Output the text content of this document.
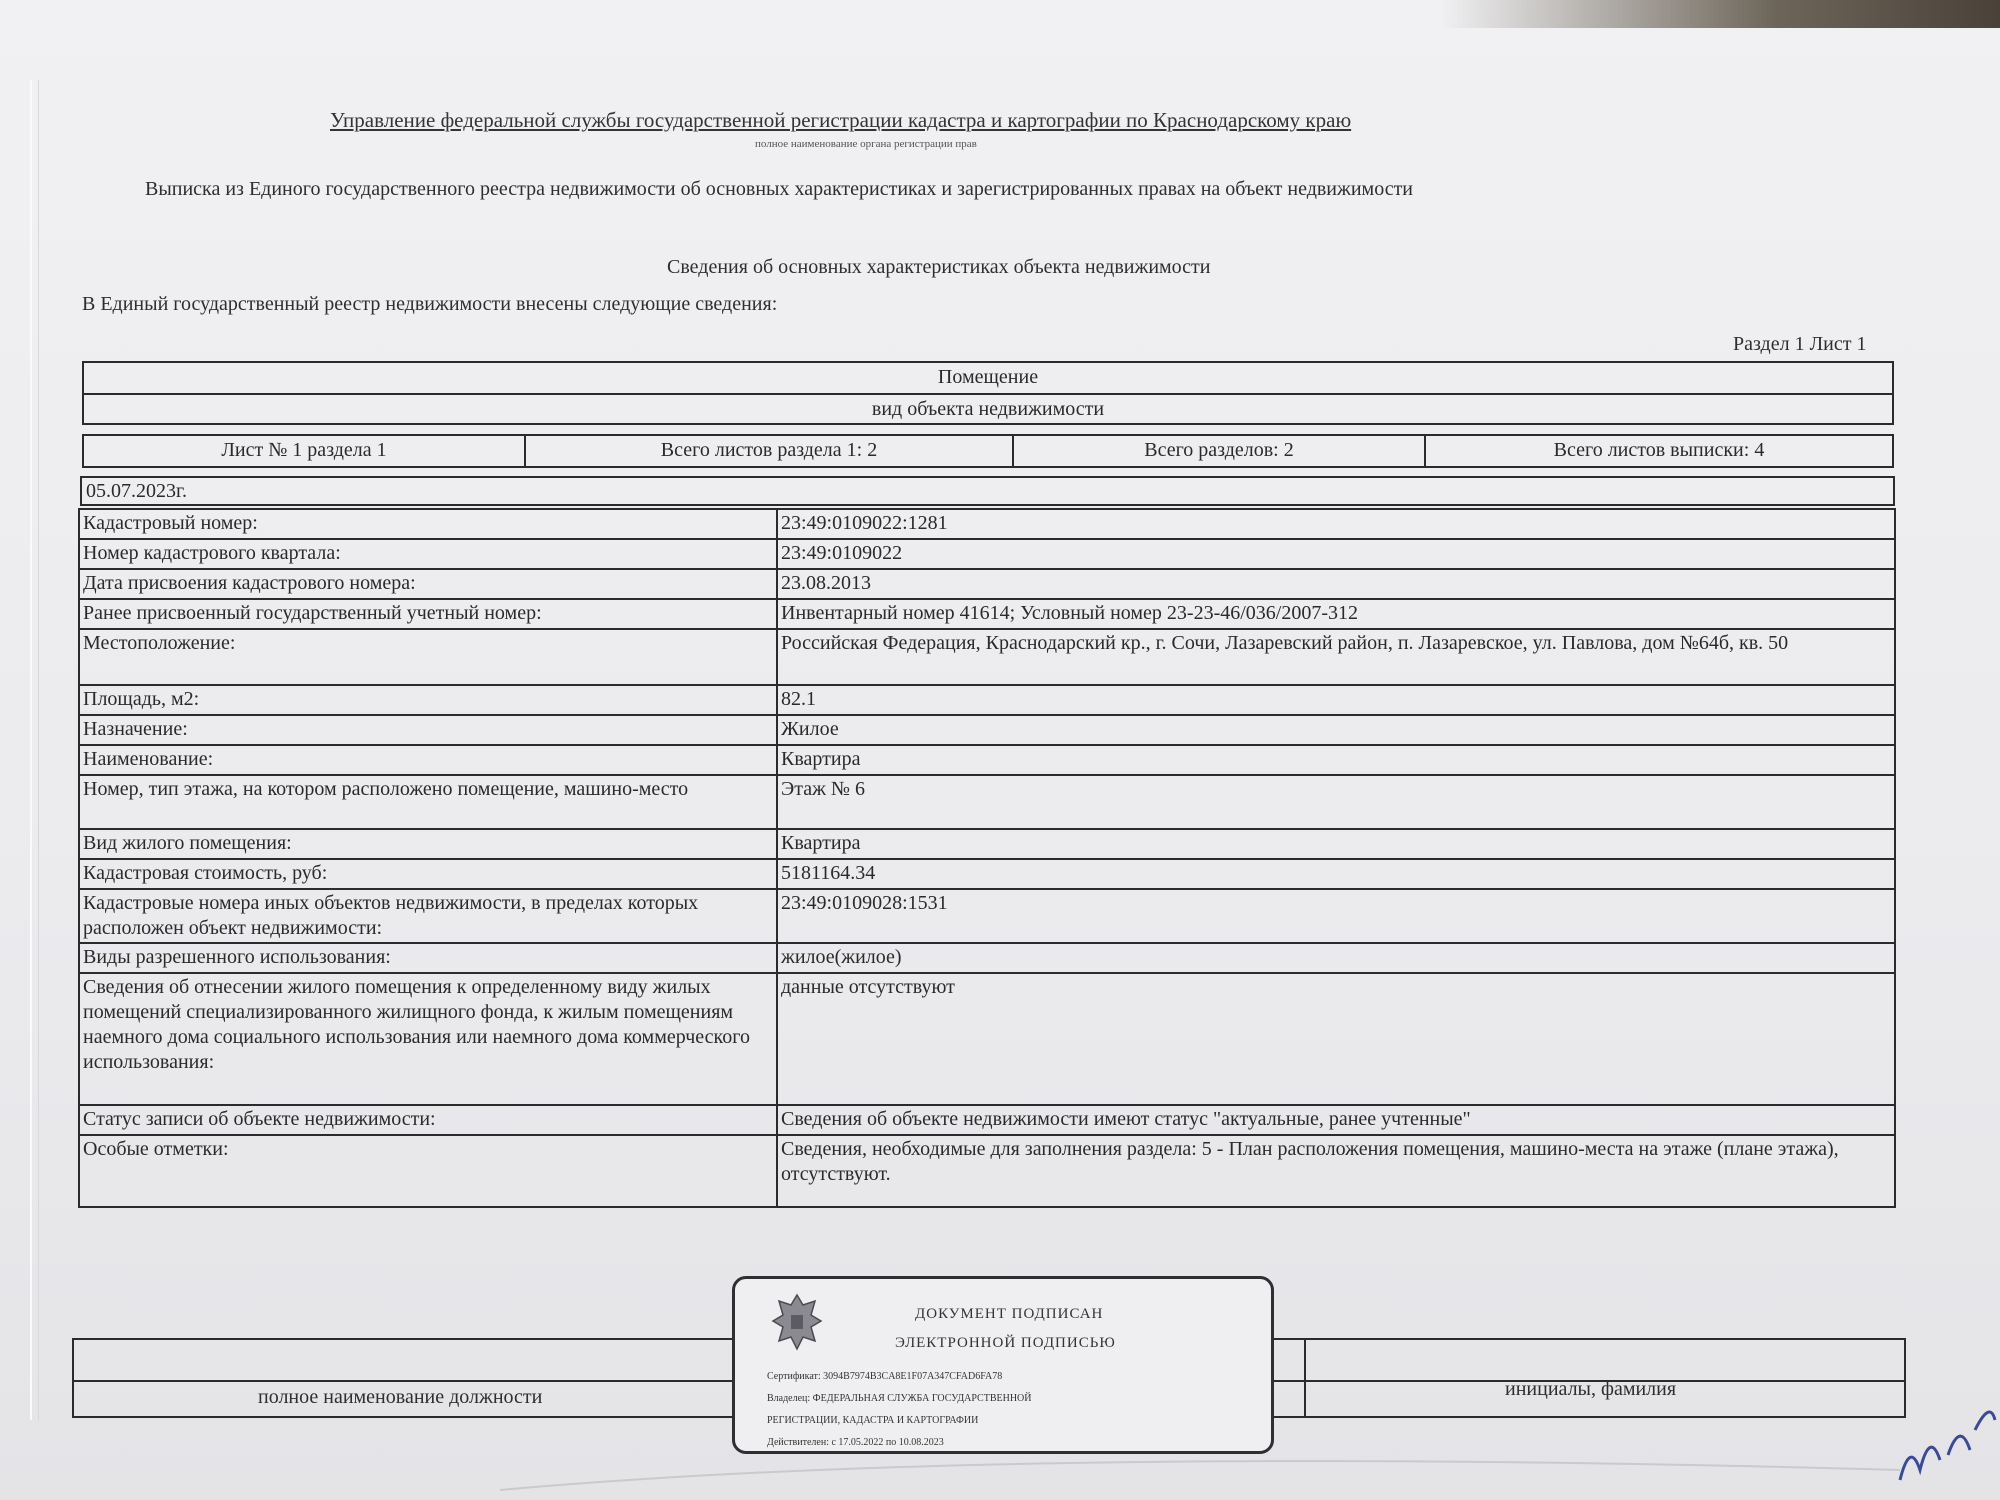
Управление федеральной службы государственной регистрации кадастра и картографии по Краснодарскому краю
полное наименование органа регистрации прав
Выписка из Единого государственного реестра недвижимости об основных характеристиках и зарегистрированных правах на объект недвижимости
Сведения об основных характеристиках объекта недвижимости
В Единый государственный реестр недвижимости внесены следующие сведения:
Раздел 1 Лист 1
Помещение
вид объекта недвижимости
Лист № 1 раздела 1	Всего листов раздела 1: 2	Всего разделов: 2	Всего листов выписки: 4
05.07.2023г.
Кадастровый номер:	23:49:0109022:1281
Номер кадастрового квартала:	23:49:0109022
Дата присвоения кадастрового номера:	23.08.2013
Ранее присвоенный государственный учетный номер:	Инвентарный номер 41614; Условный номер 23-23-46/036/2007-312
Местоположение:	Российская Федерация, Краснодарский кр., г. Сочи, Лазаревский район, п. Лазаревское, ул. Павлова, дом №64б, кв. 50
Площадь, м2:	82.1
Назначение:	Жилое
Наименование:	Квартира
Номер, тип этажа, на котором расположено помещение, машино-место	Этаж № 6
Вид жилого помещения:	Квартира
Кадастровая стоимость, руб:	5181164.34
Кадастровые номера иных объектов недвижимости, в пределах которых расположен объект недвижимости:	23:49:0109028:1531
Виды разрешенного использования:	жилое(жилое)
Сведения об отнесении жилого помещения к определенному виду жилых помещений специализированного жилищного фонда, к жилым помещениям наемного дома социального использования или наемного дома коммерческого использования:	данные отсутствуют
Статус записи об объекте недвижимости:	Сведения об объекте недвижимости имеют статус "актуальные, ранее учтенные"
Особые отметки:	Сведения, необходимые для заполнения раздела: 5 - План расположения помещения, машино-места на этаже (плане этажа), отсутствуют.
полное наименование должности	инициалы, фамилия
ДОКУМЕНТ ПОДПИСАН
ЭЛЕКТРОННОЙ ПОДПИСЬЮ
Сертификат: 3094B7974B3CA8E1F07A347CFAD6FA78
Владелец: ФЕДЕРАЛЬНАЯ СЛУЖБА ГОСУДАРСТВЕННОЙ
РЕГИСТРАЦИИ, КАДАСТРА И КАРТОГРАФИИ
Действителен: с 17.05.2022 по 10.08.2023
